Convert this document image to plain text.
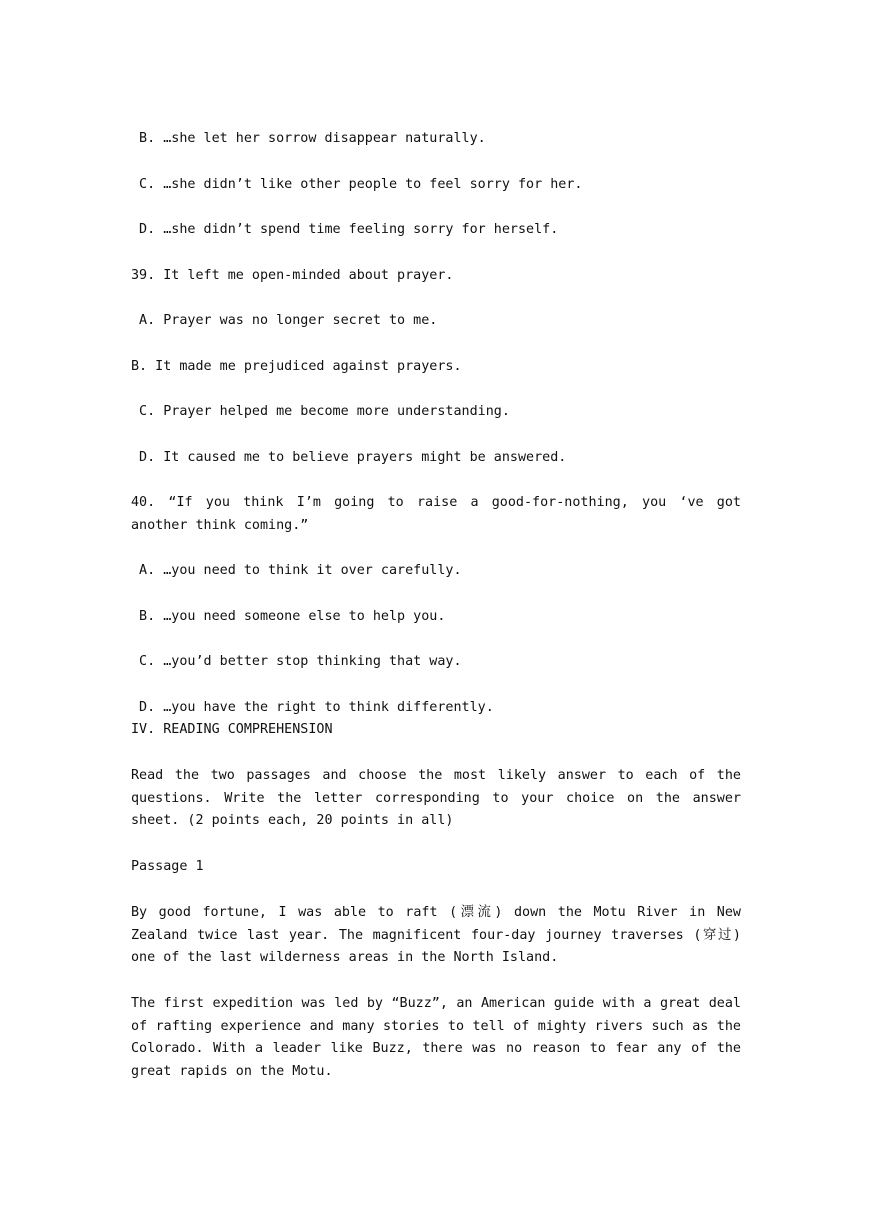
B. …she let her sorrow disappear naturally.

C. …she didn’t like other people to feel sorry for her.

D. …she didn’t spend time feeling sorry for herself.

39. It left me open-minded about prayer.

A. Prayer was no longer secret to me.

B. It made me prejudiced against prayers.

C. Prayer helped me become more understanding.

D. It caused me to believe prayers might be answered.

40. “If you think I’m going to raise a good-for-nothing, you ‘ve got another think coming.”

A. …you need to think it over carefully.

B. …you need someone else to help you.

C. …you’d better stop thinking that way.

D. …you have the right to think differently.

IV. READING COMPREHENSION

Read the two passages and choose the most likely answer to each of the questions. Write the letter corresponding to your choice on the answer sheet. (2 points each, 20 points in all)

Passage 1

By good fortune, I was able to raft (漂流) down the Motu River in New Zealand twice last year. The magnificent four-day journey traverses (穿过) one of the last wilderness areas in the North Island.

The first expedition was led by “Buzz”, an American guide with a great deal of rafting experience and many stories to tell of mighty rivers such as the Colorado. With a leader like Buzz, there was no reason to fear any of the great rapids on the Motu.
